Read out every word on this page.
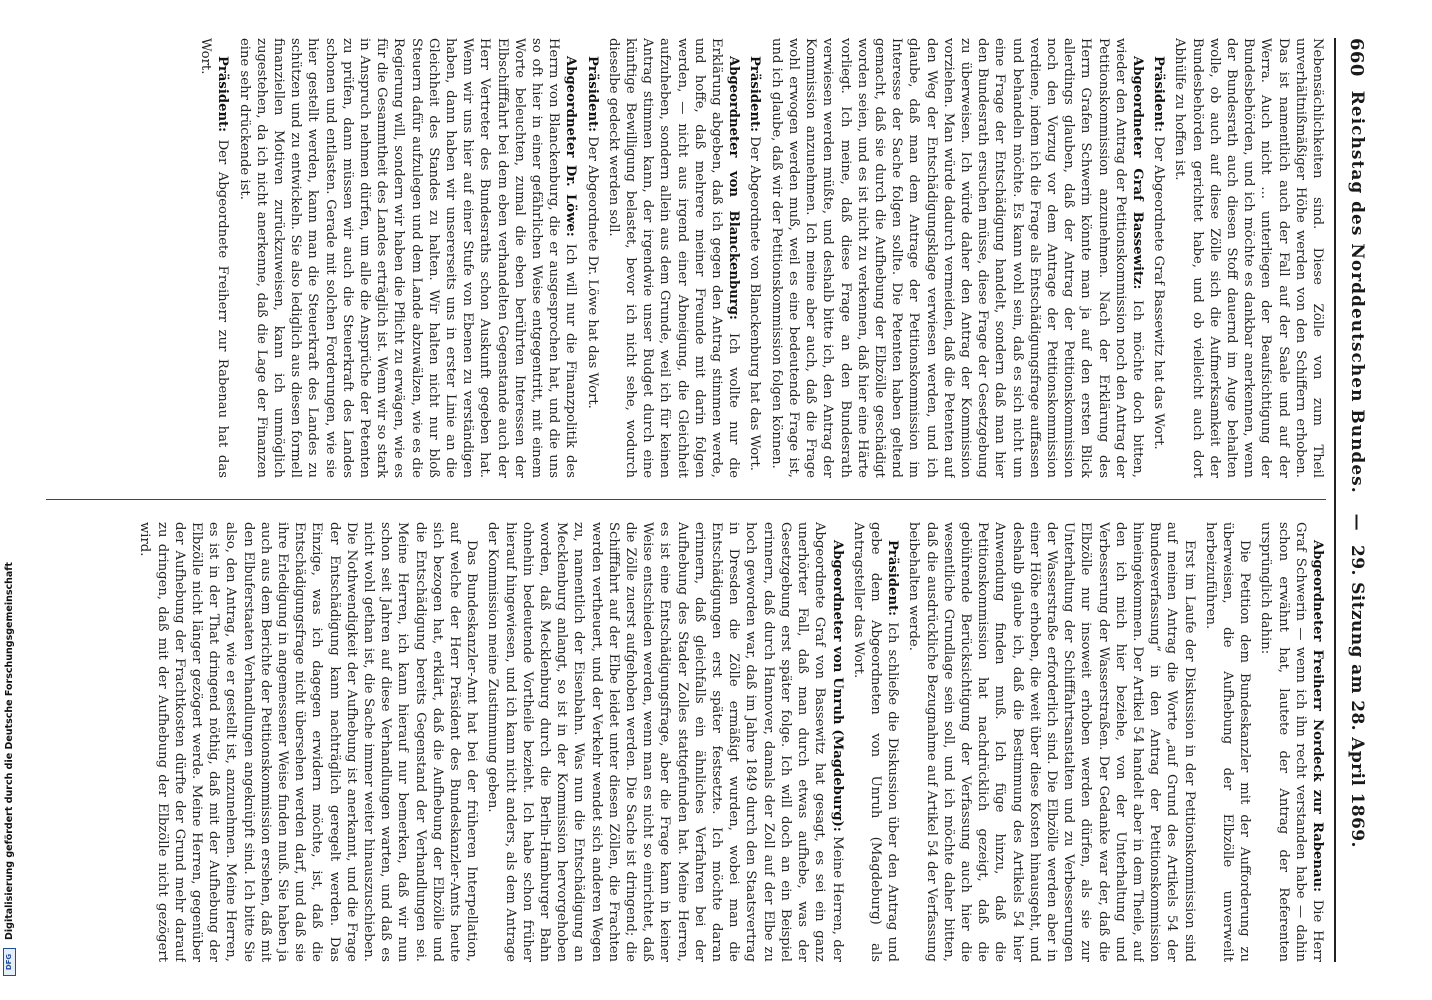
660
Reichstag des Norddeutschen Bundes.
—
29. Sitzung am 28. April 1869.

Nebensächlichkeiten sind. Diese Zölle von zum Theil unverhältnißmäßiger Höhe werden von den Schiffern erhoben. Das ist namentlich auch der Fall auf der Saale und auf der Werra. Auch nicht ... unterliegen der Beaufsichtigung der Bundesbehörden, und ich möchte es dankbar anerkennen, wenn der Bundesrath auch diesen Stoff dauernd im Auge behalten wolle, ob auch auf diese Zölle sich die Aufmerksamkeit der Bundesbehörden gerichtet habe, und ob vielleicht auch dort Abhülfe zu hoffen ist.

Präsident: Der Abgeordnete Graf Bassewitz hat das Wort.

Abgeordneter Graf Bassewitz: Ich möchte doch bitten, wieder den Antrag der Petitionskommission noch den Antrag der Petitionskommission anzunehmen. Nach der Erklärung des Herrn Grafen Schwerin könnte man ja auf den ersten Blick allerdings glauben, daß der Antrag der Petitionskommission noch den Vorzug vor dem Antrage der Petitionskommission verdiene, indem ich die Frage als Entschädigungsfrage auffassen und behandeln möchte. Es kann wohl sein, daß es sich nicht um eine Frage der Entschädigung handelt, sondern daß man hier den Bundesrath ersuchen müsse, diese Frage der Gesetzgebung zu überweisen. Ich würde daher den Antrag der Kommission vorziehen. Man würde dadurch vermeiden, daß die Petenten auf den Weg der Entschädigungsklage verwiesen werden, und ich glaube, daß man dem Antrage der Petitionskommission im Interesse der Sache folgen sollte. Die Petenten haben geltend gemacht, daß sie durch die Aufhebung der Elbzölle geschädigt worden seien, und es ist nicht zu verkennen, daß hier eine Härte vorliegt. Ich meine, daß diese Frage an den Bundesrath verwiesen werden müßte, und deshalb bitte ich, den Antrag der Kommission anzunehmen. Ich meine aber auch, daß die Frage wohl erwogen werden muß, weil es eine bedeutende Frage ist, und ich glaube, daß wir der Petitionskommission folgen können.

Präsident: Der Abgeordnete von Blanckenburg hat das Wort.

Abgeordneter von Blanckenburg: Ich wollte nur die Erklärung abgeben, daß ich gegen den Antrag stimmen werde, und hoffe, daß mehrere meiner Freunde mit darin folgen werden, — nicht aus irgend einer Abneigung, die Gleichheit aufzuheben, sondern allein aus dem Grunde, weil ich für keinen Antrag stimmen kann, der irgendwie unser Budget durch eine künftige Bewilligung belastet, bevor ich nicht sehe, wodurch dieselbe gedeckt werden soll.

Präsident: Der Abgeordnete Dr. Löwe hat das Wort.

Abgeordneter Dr. Löwe: Ich will nur die Finanzpolitik des Herrn von Blanckenburg, die er ausgesprochen hat, und die uns so oft hier in einer gefährlichen Weise entgegentritt, mit einem Worte beleuchten, zumal die eben berührten Interessen der Elbschifffahrt bei dem eben verhandelten Gegenstande auch der Herr Vertreter des Bundesraths schon Auskunft gegeben hat. Wenn wir uns hier auf einer Stufe von Ebenen zu verständigen haben, dann haben wir unsererseits uns in erster Linie an die Gleichheit des Standes zu halten. Wir halten nicht nur bloß Steuern dafür aufzulegen und dem Lande abzuwälzen, wie es die Regierung will, sondern wir haben die Pflicht zu erwägen, wie es für die Gesammtheit des Landes erträglich ist. Wenn wir so stark in Anspruch nehmen dürfen, um alle die Ansprüche der Petenten zu prüfen, dann müssen wir auch die Steuerkraft des Landes schonen und entlasten. Gerade mit solchen Forderungen, wie sie hier gestellt werden, kann man die Steuerkraft des Landes zu schützen und zu entwickeln. Sie also lediglich aus diesen formell finanziellen Motiven zurückzuweisen, kann ich unmöglich zugestehen, da ich nicht anerkenne, daß die Lage der Finanzen eine sehr drückende ist.

Präsident: Der Abgeordnete Freiherr zur Rabenau hat das Wort.

Abgeordneter Freiherr Nordeck zur Rabenau: Die Herr Graf Schwerin — wenn ich ihn recht verstanden habe — dahin schon erwähnt hat, lautete der Antrag der Referenten ursprünglich dahin:

Die Petition dem Bundeskanzler mit der Aufforderung zu überweisen, die Aufhebung der Elbzölle unverweilt herbeizuführen.

Erst im Laufe der Diskussion in der Petitionskommission sind auf meinen Antrag die Worte „auf Grund des Artikels 54 der Bundesverfassung“ in den Antrag der Petitionskommission hineingekommen. Der Artikel 54 handelt aber in dem Theile, auf den ich mich hier beziehe, von der Unterhaltung und Verbesserung der Wasserstraßen. Der Gedanke war der, daß die Elbzölle nur insoweit erhoben werden dürfen, als sie zur Unterhaltung der Schifffahrtsanstalten und zu Verbesserungen der Wasserstraße erforderlich sind. Die Elbzölle werden aber in einer Höhe erhoben, die weit über diese Kosten hinausgeht, und deshalb glaube ich, daß die Bestimmung des Artikels 54 hier Anwendung finden muß. Ich füge hinzu, daß die Petitionskommission hat nachdrücklich gezeigt, daß die gebührende Berücksichtigung der Verfassung auch hier die wesentliche Grundlage sein soll, und ich möchte daher bitten, daß die ausdrückliche Bezugnahme auf Artikel 54 der Verfassung beibehalten werde.

Präsident: Ich schließe die Diskussion über den Antrag und gebe dem Abgeordneten von Unruh (Magdeburg) als Antragsteller das Wort.

Abgeordneter von Unruh (Magdeburg): Meine Herren, der Abgeordnete Graf von Bassewitz hat gesagt, es sei ein ganz unerhörter Fall, daß man durch etwas aufhebe, was der Gesetzgebung erst später folge. Ich will doch an ein Beispiel erinnern, daß durch Hannover, damals der Zoll auf der Elbe zu hoch geworden war, daß im Jahre 1849 durch den Staatsvertrag in Dresden die Zölle ermäßigt wurden, wobei man die Entschädigungen erst später festsetzte. Ich möchte daran erinnern, daß gleichfalls ein ähnliches Verfahren bei der Aufhebung des Stader Zolles stattgefunden hat. Meine Herren, es ist eine Entschädigungsfrage, aber die Frage kann in keiner Weise entschieden werden, wenn man es nicht so einrichtet, daß die Zölle zuerst aufgehoben werden. Die Sache ist dringend; die Schifffahrt auf der Elbe leidet unter diesen Zöllen, die Frachten werden vertheuert, und der Verkehr wendet sich anderen Wegen zu, namentlich der Eisenbahn. Was nun die Entschädigung an Mecklenburg anlangt, so ist in der Kommission hervorgehoben worden, daß Mecklenburg durch die Berlin-Hamburger Bahn ohnehin bedeutende Vortheile bezieht. Ich habe schon früher hierauf hingewiesen, und ich kann nicht anders, als dem Antrage der Kommission meine Zustimmung geben.

Das Bundeskanzler-Amt hat bei der früheren Interpellation, auf welche der Herr Präsident des Bundeskanzler-Amts heute sich bezogen hat, erklärt, daß die Aufhebung der Elbzölle und die Entschädigung bereits Gegenstand der Verhandlungen sei. Meine Herren, ich kann hierauf nur bemerken, daß wir nun schon seit Jahren auf diese Verhandlungen warten, und daß es nicht wohl gethan ist, die Sache immer weiter hinauszuschieben. Die Nothwendigkeit der Aufhebung ist anerkannt, und die Frage der Entschädigung kann nachträglich geregelt werden. Das Einzige, was ich dagegen erwidern möchte, ist, daß die Entschädigungsfrage nicht übersehen werden darf, und daß sie ihre Erledigung in angemessener Weise finden muß. Sie haben ja auch aus dem Berichte der Petitionskommission ersehen, daß mit den Elbuferstaaten Verhandlungen angeknüpft sind. Ich bitte Sie also, den Antrag, wie er gestellt ist, anzunehmen. Meine Herren, es ist in der That dringend nöthig, daß mit der Aufhebung der Elbzölle nicht länger gezögert werde. Meine Herren, gegenüber der Aufhebung der Frachtkosten dürfte der Grund mehr darauf zu dringen, daß mit der Aufhebung der Elbzölle nicht gezögert wird.

DFG
Digitalisierung gefördert durch die Deutsche Forschungsgemeinschaft
